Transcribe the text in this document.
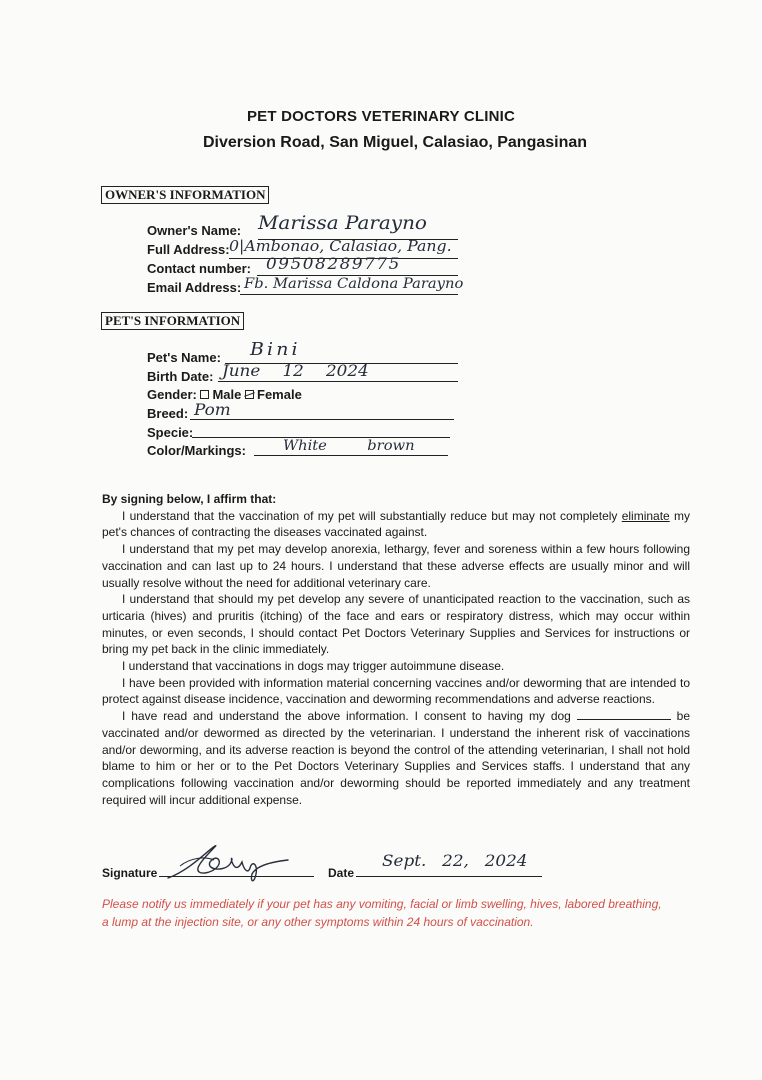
PET DOCTORS VETERINARY CLINIC
Diversion Road, San Miguel, Calasiao, Pangasinan
OWNER'S INFORMATION
Owner's Name: Marissa Parayno
Full Address: 0|Ambonao, Calasiao, Pang.
Contact number: 09508289775
Email Address: Fb. Marissa Caldona Parayno
PET'S INFORMATION
Pet's Name: Bini
Birth Date: June 12 2024
Gender: Male Female
Breed: Pom
Specie:
Color/Markings:	White brown

By signing below, I affirm that:

I understand that the vaccination of my pet will substantially reduce but may not completely eliminate my pet's chances of contracting the diseases vaccinated against.

I understand that my pet may develop anorexia, lethargy, fever and soreness within a few hours following vaccination and can last up to 24 hours. I understand that these adverse effects are usually minor and will usually resolve without the need for additional veterinary care.

I understand that should my pet develop any severe of unanticipated reaction to the vaccination, such as urticaria (hives) and pruritis (itching) of the face and ears or respiratory distress, which may occur within minutes, or even seconds, I should contact Pet Doctors Veterinary Supplies and Services for instructions or bring my pet back in the clinic immediately.

I understand that vaccinations in dogs may trigger autoimmune disease.

I have been provided with information material concerning vaccines and/or deworming that are intended to protect against disease incidence, vaccination and deworming recommendations and adverse reactions.

I have read and understand the above information. I consent to having my dog	be vaccinated and/or dewormed as directed by the veterinarian. I understand the inherent risk of vaccinations and/or deworming, and its adverse reaction is beyond the control of the attending veterinarian, I shall not hold blame to him or her or to the Pet Doctors Veterinary Supplies and Services staffs. I understand that any complications following vaccination and/or deworming should be reported immediately and any treatment required will incur additional expense.

Signature	Date
Sept. 22, 2024
Please notify us immediately if your pet has any vomiting, facial or limb swelling, hives, labored breathing, a lump at the injection site, or any other symptoms within 24 hours of vaccination.
